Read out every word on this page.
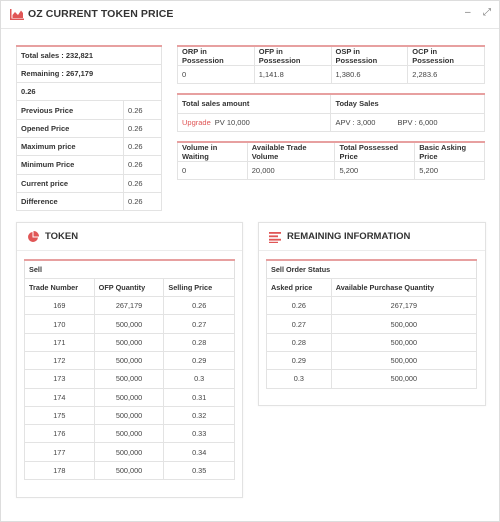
OZ CURRENT TOKEN PRICE	– ⤢
Total sales : 232,821	
Remaining : 267,179	
0.26	
Previous Price	0.26
Opened Price	0.26
Maximum price	0.26
Minimum Price	0.26
Current price	0.26
Difference	0.26
ORP in Possession	OFP in Possession	OSP in Possession	OCP in Possession
0	1,141.8	1,380.6	2,283.6
Total sales amount	Today Sales
Upgrade PV 10,000	APV : 3,000 BPV : 6,000
Volume in Waiting	Available Trade Volume	Total Possessed Price	Basic Asking Price
0	20,000	5,200	5,200
TOKEN
Sell		
Trade Number	OFP Quantity	Selling Price
169	267,179	0.26
170	500,000	0.27
171	500,000	0.28
172	500,000	0.29
173	500,000	0.3
174	500,000	0.31
175	500,000	0.32
176	500,000	0.33
177	500,000	0.34
178	500,000	0.35
REMAINING INFORMATION
Sell Order Status	
Asked price	Available Purchase Quantity
0.26	267,179
0.27	500,000
0.28	500,000
0.29	500,000
0.3	500,000
